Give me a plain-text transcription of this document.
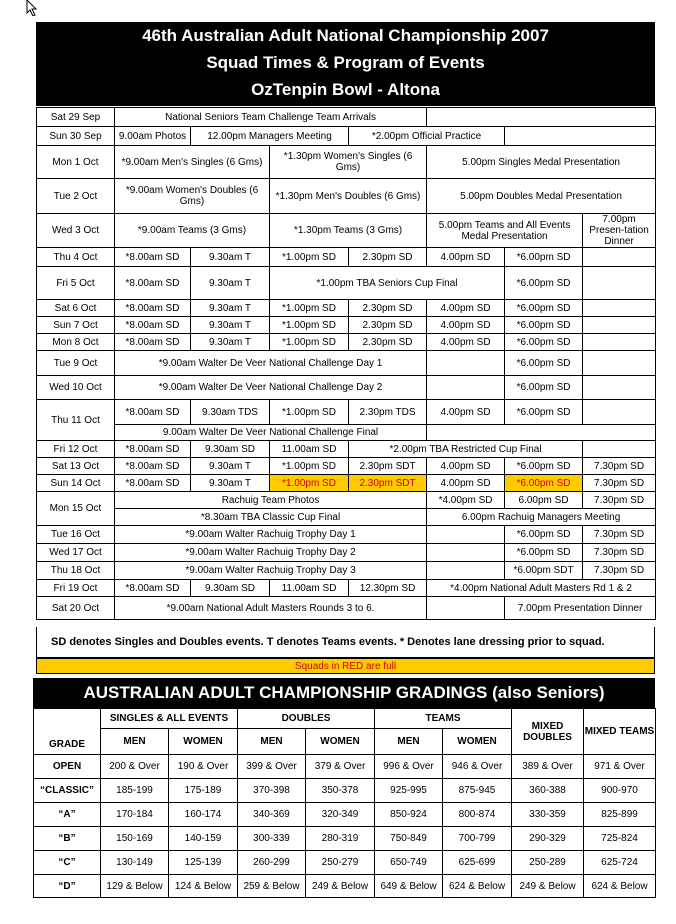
46th Australian Adult National Championship 2007
Squad Times & Program of Events
OzTenpin Bowl - Altona
Sat 29 Sep	National Seniors Team Challenge Team Arrivals						
Sun 30 Sep	9.00am Photos	12.00pm Managers Meeting		*2.00pm Official Practice			
Mon 1 Oct	*9.00am Men's Singles (6 Gms)		*1.30pm Women's Singles (6 Gms)		5.00pm Singles Medal Presentation		
Tue 2 Oct	*9.00am Women's Doubles (6 Gms)		*1.30pm Men's Doubles (6 Gms)		5.00pm Doubles Medal Presentation		
Wed 3 Oct	*9.00am Teams (3 Gms)		*1.30pm Teams (3 Gms)		5.00pm Teams and All Events Medal Presentation		7.00pm Presen-tation Dinner
Thu 4 Oct	*8.00am SD	9.30am T	*1.00pm SD	2.30pm SD	4.00pm SD	*6.00pm SD	
Fri 5 Oct	*8.00am SD	9.30am T	*1.00pm TBA Seniors Cup Final			*6.00pm SD	
Sat 6 Oct	*8.00am SD	9.30am T	*1.00pm SD	2.30pm SD	4.00pm SD	*6.00pm SD	
Sun 7 Oct	*8.00am SD	9.30am T	*1.00pm SD	2.30pm SD	4.00pm SD	*6.00pm SD	
Mon 8 Oct	*8.00am SD	9.30am T	*1.00pm SD	2.30pm SD	4.00pm SD	*6.00pm SD	
Tue 9 Oct	*9.00am Walter De Veer National Challenge Day 1					*6.00pm SD	
Wed 10 Oct	*9.00am Walter De Veer National Challenge Day 2					*6.00pm SD	
Thu 11 Oct	*8.00am SD	9.30am TDS	*1.00pm SD	2.30pm TDS	4.00pm SD	*6.00pm SD	
	9.00am Walter De Veer National Challenge Final						
Fri 12 Oct	*8.00am SD	9.30am SD	11.00am SD	*2.00pm TBA Restricted Cup Final			
Sat 13 Oct	*8.00am SD	9.30am T	*1.00pm SD	2.30pm SDT	4.00pm SD	*6.00pm SD	7.30pm SD
Sun 14 Oct	*8.00am SD	9.30am T	*1.00pm SD	2.30pm SDT	4.00pm SD	*6.00pm SD	7.30pm SD
Mon 15 Oct	Rachuig Team Photos				*4.00pm SD	6.00pm SD	7.30pm SD
	*8.30am TBA Classic Cup Final				6.00pm Rachuig Managers Meeting		
Tue 16 Oct	*9.00am Walter Rachuig Trophy Day 1					*6.00pm SD	7.30pm SD
Wed 17 Oct	*9.00am Walter Rachuig Trophy Day 2					*6.00pm SD	7.30pm SD
Thu 18 Oct	*9.00am Walter Rachuig Trophy Day 3					*6.00pm SDT	7.30pm SD
Fri 19 Oct	*8.00am SD	9.30am SD	11.00am SD	12.30pm SD	*4.00pm National Adult Masters Rd 1 & 2		
Sat 20 Oct	*9.00am National Adult Masters Rounds 3 to 6.					7.00pm Presentation Dinner	
SD denotes Singles and Doubles events. T denotes Teams events. * Denotes lane dressing prior to squad.
Squads in RED are full
AUSTRALIAN ADULT CHAMPIONSHIP GRADINGS (also Seniors)
GRADE	SINGLES & ALL EVENTS		DOUBLES		TEAMS		MIXED DOUBLES	MIXED TEAMS
	MEN	WOMEN	MEN	WOMEN	MEN	WOMEN		
OPEN	200 & Over	190 & Over	399 & Over	379 & Over	996 & Over	946 & Over	389 & Over	971 & Over
“CLASSIC”	185-199	175-189	370-398	350-378	925-995	875-945	360-388	900-970
“A”	170-184	160-174	340-369	320-349	850-924	800-874	330-359	825-899
“B”	150-169	140-159	300-339	280-319	750-849	700-799	290-329	725-824
“C”	130-149	125-139	260-299	250-279	650-749	625-699	250-289	625-724
“D”	129 & Below	124 & Below	259 & Below	249 & Below	649 & Below	624 & Below	249 & Below	624 & Below
